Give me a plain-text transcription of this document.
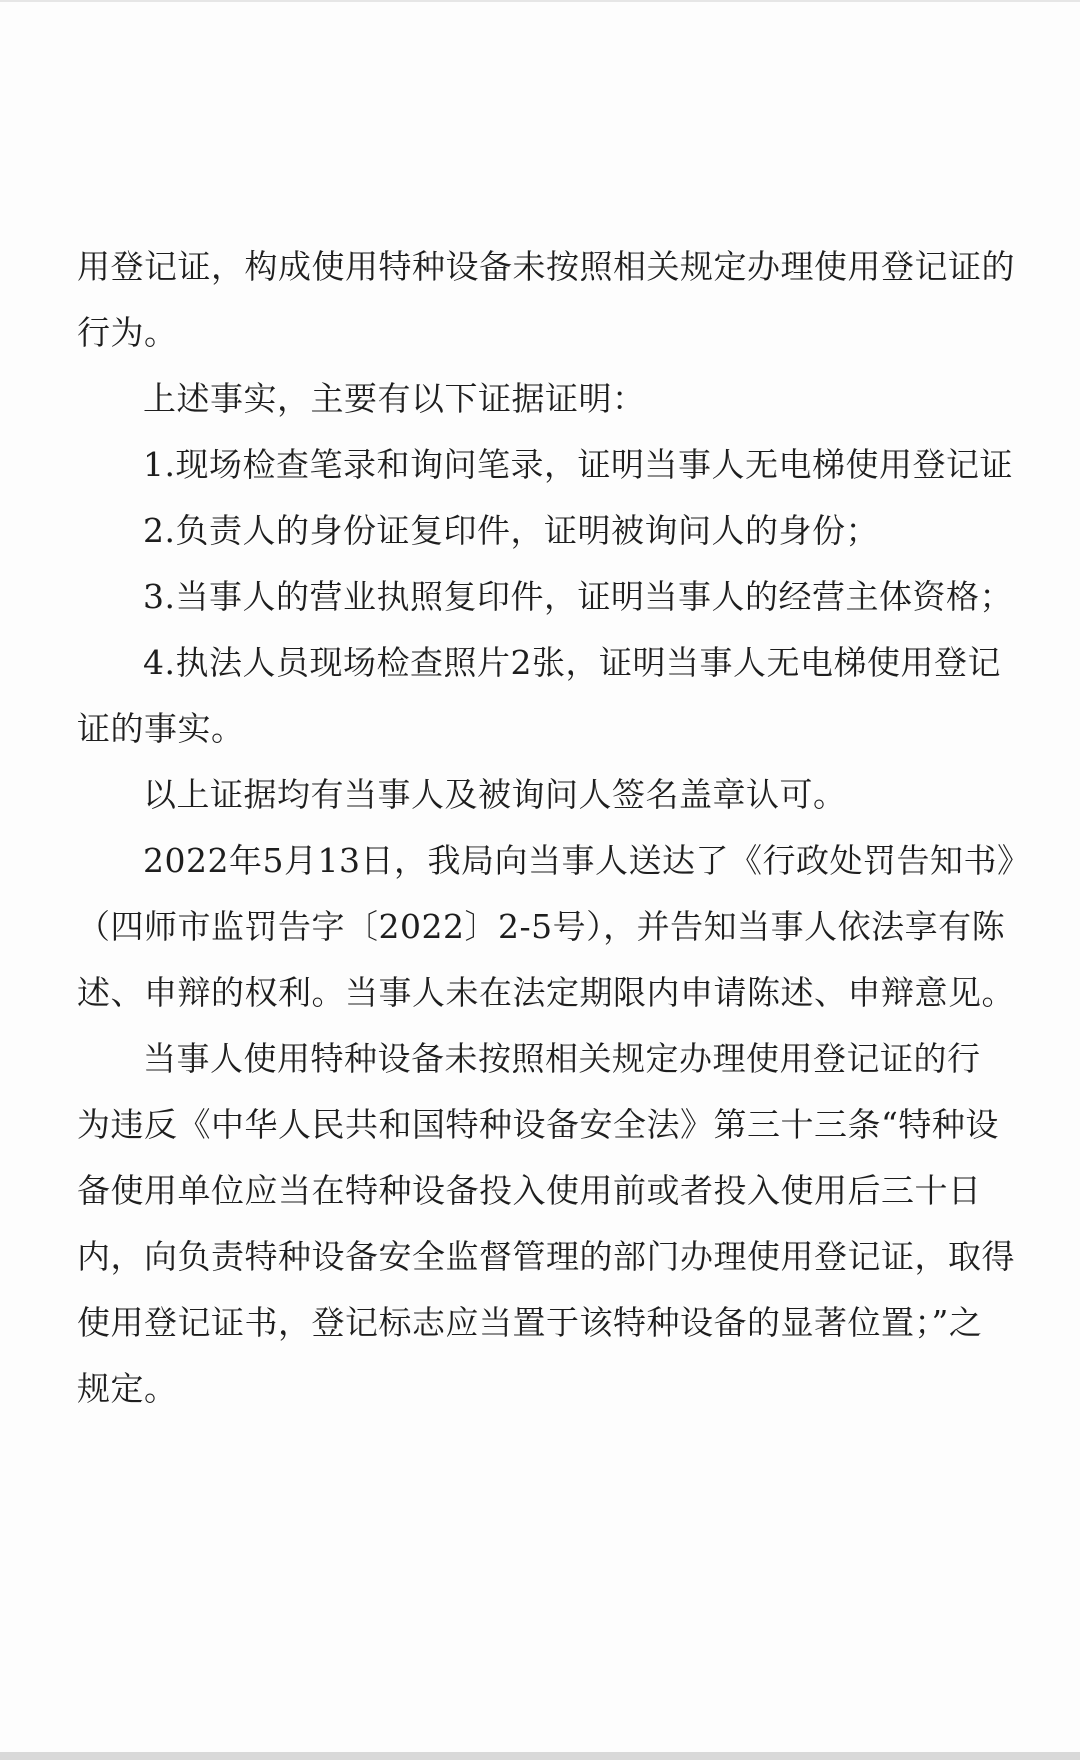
用登记证，构成使用特种设备未按照相关规定办理使用登记证的
行为。
上述事实，主要有以下证据证明：
1.现场检查笔录和询问笔录，证明当事人无电梯使用登记证
2.负责人的身份证复印件，证明被询问人的身份；
3.当事人的营业执照复印件，证明当事人的经营主体资格；
4.执法人员现场检查照片2张，证明当事人无电梯使用登记
证的事实。
以上证据均有当事人及被询问人签名盖章认可。
2022年5月13日，我局向当事人送达了《行政处罚告知书》
（四师市监罚告字〔2022〕2-5号），并告知当事人依法享有陈
述、申辩的权利。当事人未在法定期限内申请陈述、申辩意见。
当事人使用特种设备未按照相关规定办理使用登记证的行
为违反《中华人民共和国特种设备安全法》第三十三条“特种设
备使用单位应当在特种设备投入使用前或者投入使用后三十日
内，向负责特种设备安全监督管理的部门办理使用登记证，取得
使用登记证书，登记标志应当置于该特种设备的显著位置；”之
规定。
